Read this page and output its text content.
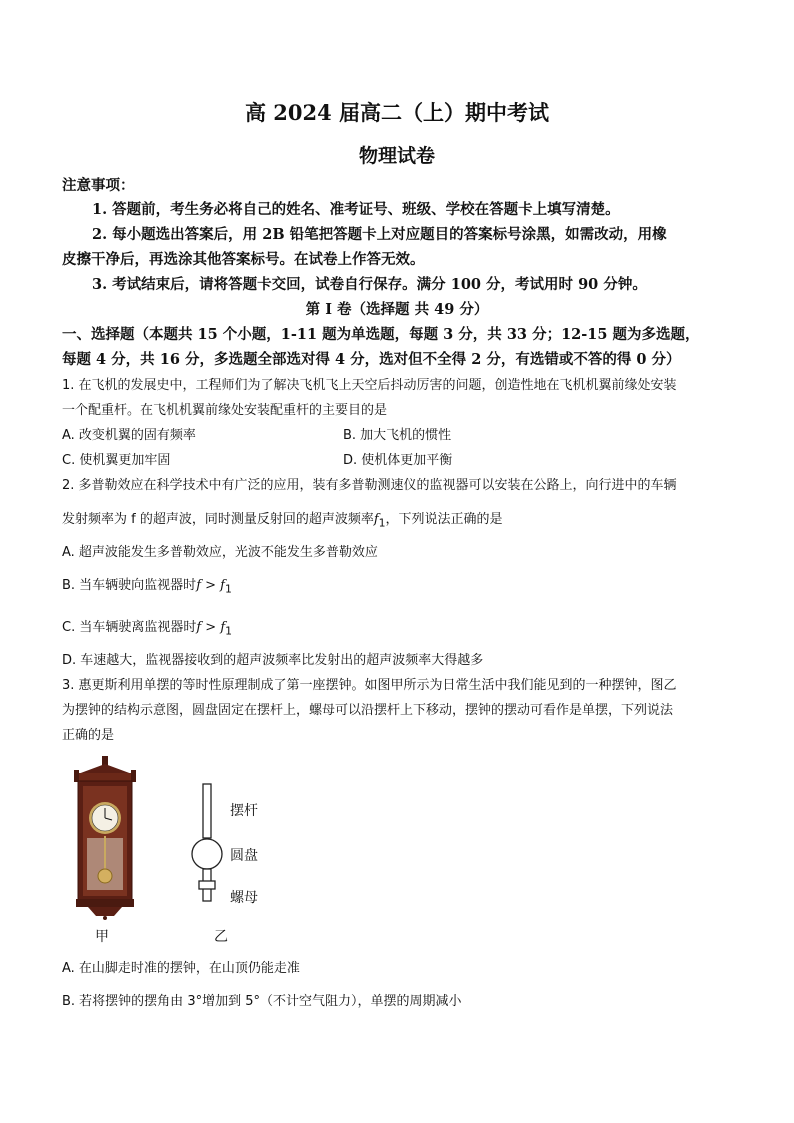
高 2024 届高二（上）期中考试
物理试卷
注意事项：
1. 答题前，考生务必将自己的姓名、准考证号、班级、学校在答题卡上填写清楚。
2. 每小题选出答案后，用 2B 铅笔把答题卡上对应题目的答案标号涂黑，如需改动，用橡
皮擦干净后，再选涂其他答案标号。在试卷上作答无效。
3. 考试结束后，请将答题卡交回，试卷自行保存。满分 100 分，考试用时 90 分钟。
第 I 卷（选择题 共 49 分）
一、选择题（本题共 15 个小题，1-11 题为单选题，每题 3 分，共 33 分；12-15 题为多选题，
每题 4 分，共 16 分，多选题全部选对得 4 分，选对但不全得 2 分，有选错或不答的得 0 分）
1. 在飞机的发展史中，工程师们为了解决飞机飞上天空后抖动厉害的问题，创造性地在飞机机翼前缘处安装
一个配重杆。在飞机机翼前缘处安装配重杆的主要目的是
A. 改变机翼的固有频率	B. 加大飞机的惯性
C. 使机翼更加牢固	D. 使机体更加平衡
2. 多普勒效应在科学技术中有广泛的应用，装有多普勒测速仪的监视器可以安装在公路上，向行进中的车辆
发射频率为 f 的超声波，同时测量反射回的超声波频率$f_1$，下列说法正确的是
A. 超声波能发生多普勒效应，光波不能发生多普勒效应
B. 当车辆驶向监视器时$f > f_1$
C. 当车辆驶离监视器时$f > f_1$
D. 车速越大，监视器接收到的超声波频率比发射出的超声波频率大得越多
3. 惠更斯利用单摆的等时性原理制成了第一座摆钟。如图甲所示为日常生活中我们能见到的一种摆钟，图乙
为摆钟的结构示意图，圆盘固定在摆杆上，螺母可以沿摆杆上下移动，摆钟的摆动可看作是单摆，下列说法
正确的是
摆杆
圆盘
螺母
甲	乙
A. 在山脚走时准的摆钟，在山顶仍能走准
B. 若将摆钟的摆角由 3°增加到 5°（不计空气阻力），单摆的周期减小
